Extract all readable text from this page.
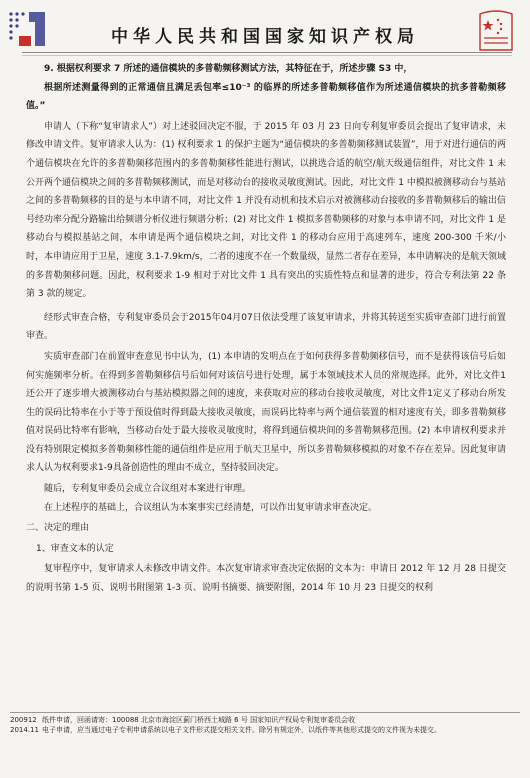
中华人民共和国国家知识产权局

9. 根据权利要求 7 所述的通信模块的多普勒频移测试方法，其特征在于，所述步骤 S3 中，

根据所述测量得到的正常通信且满足丢包率≤10⁻³ 的临界的所述多普勒频移值作为所述通信模块的抗多普勒频移值。”

申请人（下称“复审请求人”）对上述驳回决定不服，于 2015 年 03 月 23 日向专利复审委员会提出了复审请求，未修改申请文件。复审请求人认为：(1) 权利要求 1 的保护主题为“通信模块的多普勒频移测试装置”，用于对进行通信的两个通信模块在允许的多普勒频移范围内的多普勒频移性能进行测试，以挑选合适的航空/航天级通信组件，对比文件 1 未公开两个通信模块之间的多普勒频移测试，而是对移动台的接收灵敏度测试。因此，对比文件 1 中模拟被测移动台与基站之间的多普勒频移的目的是与本申请不同，对比文件 1 并没有动机和技术启示对被测移动台接收的多普勒频移后的输出信号经功率分配分路输出给频谱分析仪进行频谱分析；(2) 对比文件 1 模拟多普勒频移的对象与本申请不同，对比文件 1 是移动台与模拟基站之间，本申请是两个通信模块之间，对比文件 1 的移动台应用于高速列车，速度 200-300 千米/小时，本申请应用于卫星，速度 3.1-7.9km/s，二者的速度不在一个数量级，显然二者存在差异，本申请解决的是航天领域的多普勒频移问题。因此，权利要求 1-9 相对于对比文件 1 具有突出的实质性特点和显著的进步，符合专利法第 22 条第 3 款的规定。

经形式审查合格，专利复审委员会于2015年04月07日依法受理了该复审请求，并将其转送至实质审查部门进行前置审查。

实质审查部门在前置审查意见书中认为，(1) 本申请的发明点在于如何获得多普勒频移信号，而不是获得该信号后如何实施频率分析。在得到多普勒频移信号后如何对该信号进行处理，属于本领域技术人员的常规选择。此外，对比文件1还公开了逐步增大被测移动台与基站模拟器之间的速度，来获取对应的移动台接收灵敏度，对比文件1定义了移动台所发生的误码比特率在小于等于预设值时得到最大接收灵敏度，而误码比特率与两个通信装置的相对速度有关，即多普勒频移值对误码比特率有影响，当移动台处于最大接收灵敏度时，将得到通信模块间的多普勒频移范围。(2) 本申请权利要求并没有特别限定模拟多普勒频移性能的通信组件是应用于航天卫星中，所以多普勒频移模拟的对象不存在差异。因此复审请求人认为权利要求1-9具备创造性的理由不成立，坚持驳回决定。

随后，专利复审委员会成立合议组对本案进行审理。

在上述程序的基础上，合议组认为本案事实已经清楚，可以作出复审请求审查决定。

二、决定的理由

1、审查文本的认定

复审程序中，复审请求人未修改申请文件。本次复审请求审查决定依据的文本为：申请日 2012 年 12 月 28 日提交的说明书第 1-5 页、说明书附图第 1-3 页、说明书摘要、摘要附图，2014 年 10 月 23 日提交的权利

200912 纸件申请，回函请寄：100088 北京市海淀区蓟门桥西土城路 6 号 国家知识产权局专利复审委员会收
2014.11 电子申请，应当通过电子专利申请系统以电子文件形式提交相关文件。除另有规定外，以纸件等其他形式提交的文件视为未提交。
